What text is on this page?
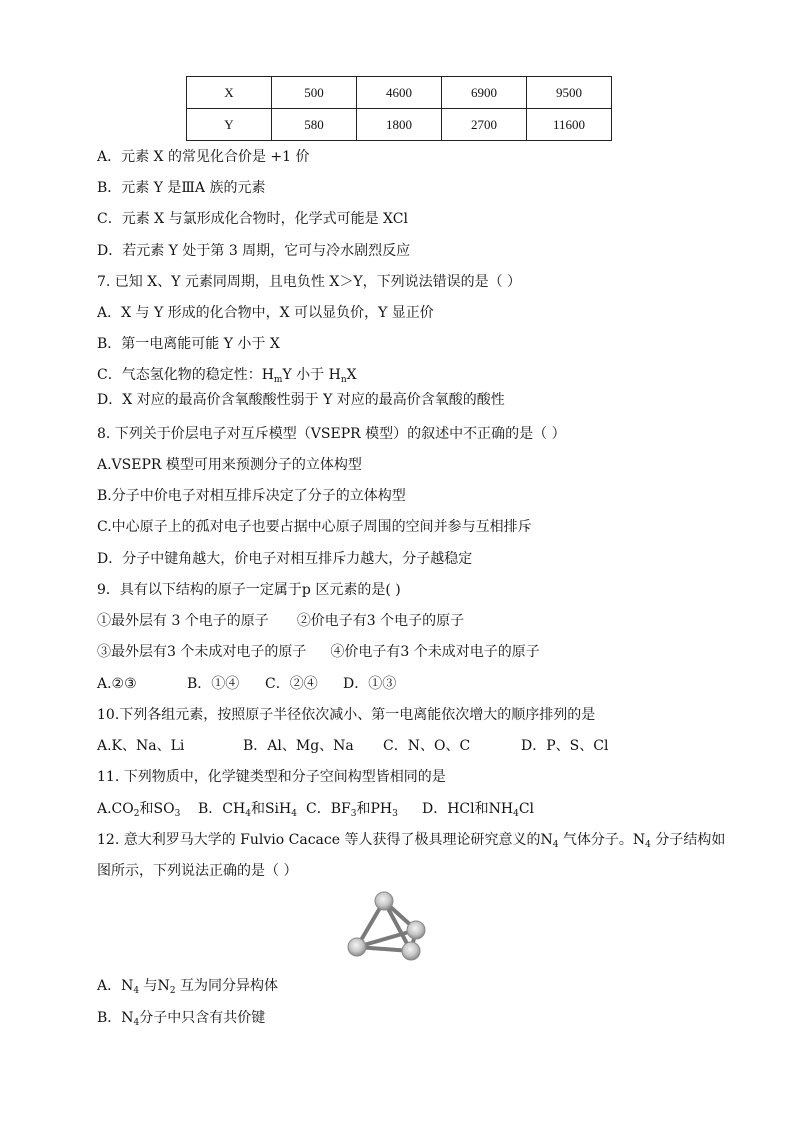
X	500	4600	6900	9500
Y	580	1800	2700	11600
A．元素 X 的常见化合价是 +1 价
B．元素 Y 是ⅢA 族的元素
C．元素 X 与氯形成化合物时，化学式可能是 XCl
D．若元素 Y 处于第 3 周期，它可与冷水剧烈反应
7. 已知 X、Y 元素同周期，且电负性 X＞Y，下列说法错误的是（ ）
A．X 与 Y 形成的化合物中，X 可以显负价，Y 显正价
B．第一电离能可能 Y 小于 X
C．气态氢化物的稳定性：$H_mY$ 小于 $H_nX$
D．X 对应的最高价含氧酸酸性弱于 Y 对应的最高价含氧酸的酸性
8. 下列关于价层电子对互斥模型（VSEPR 模型）的叙述中不正确的是（ ）
A.VSEPR 模型可用来预测分子的立体构型
B.分子中价电子对相互排斥决定了分子的立体构型
C.中心原子上的孤对电子也要占据中心原子周围的空间并参与互相排斥
D．分子中键角越大，价电子对相互排斥力越大，分子越稳定
9．具有以下结构的原子一定属于p 区元素的是( )
①最外层有 3 个电子的原子 ②价电子有3 个电子的原子
③最外层有3 个未成对电子的原子 ④价电子有3 个未成对电子的原子
A.②③	B．①④ C．②④ D．①③
10.下列各组元素，按照原子半径依次减小、第一电离能依次增大的顺序排列的是
A.K、Na、Li	B．Al、Mg、Na C．N、O、C	D．P、S、Cl
11. 下列物质中，化学键类型和分子空间构型皆相同的是
$A.CO_2$和$SO_3$ B．$CH_4$和SiH$_4$ C．$BF_3$和$PH_3$ D．HCl和$NH_4Cl$
12. 意大利罗马大学的 Fulvio Cacace 等人获得了极具理论研究意义的$N_4$ 气体分子。$N_4$ 分子结构如
图所示，下列说法正确的是（ ）
A．$N_4$ 与$N_2$ 互为同分异构体
B．$N_4$分子中只含有共价键
